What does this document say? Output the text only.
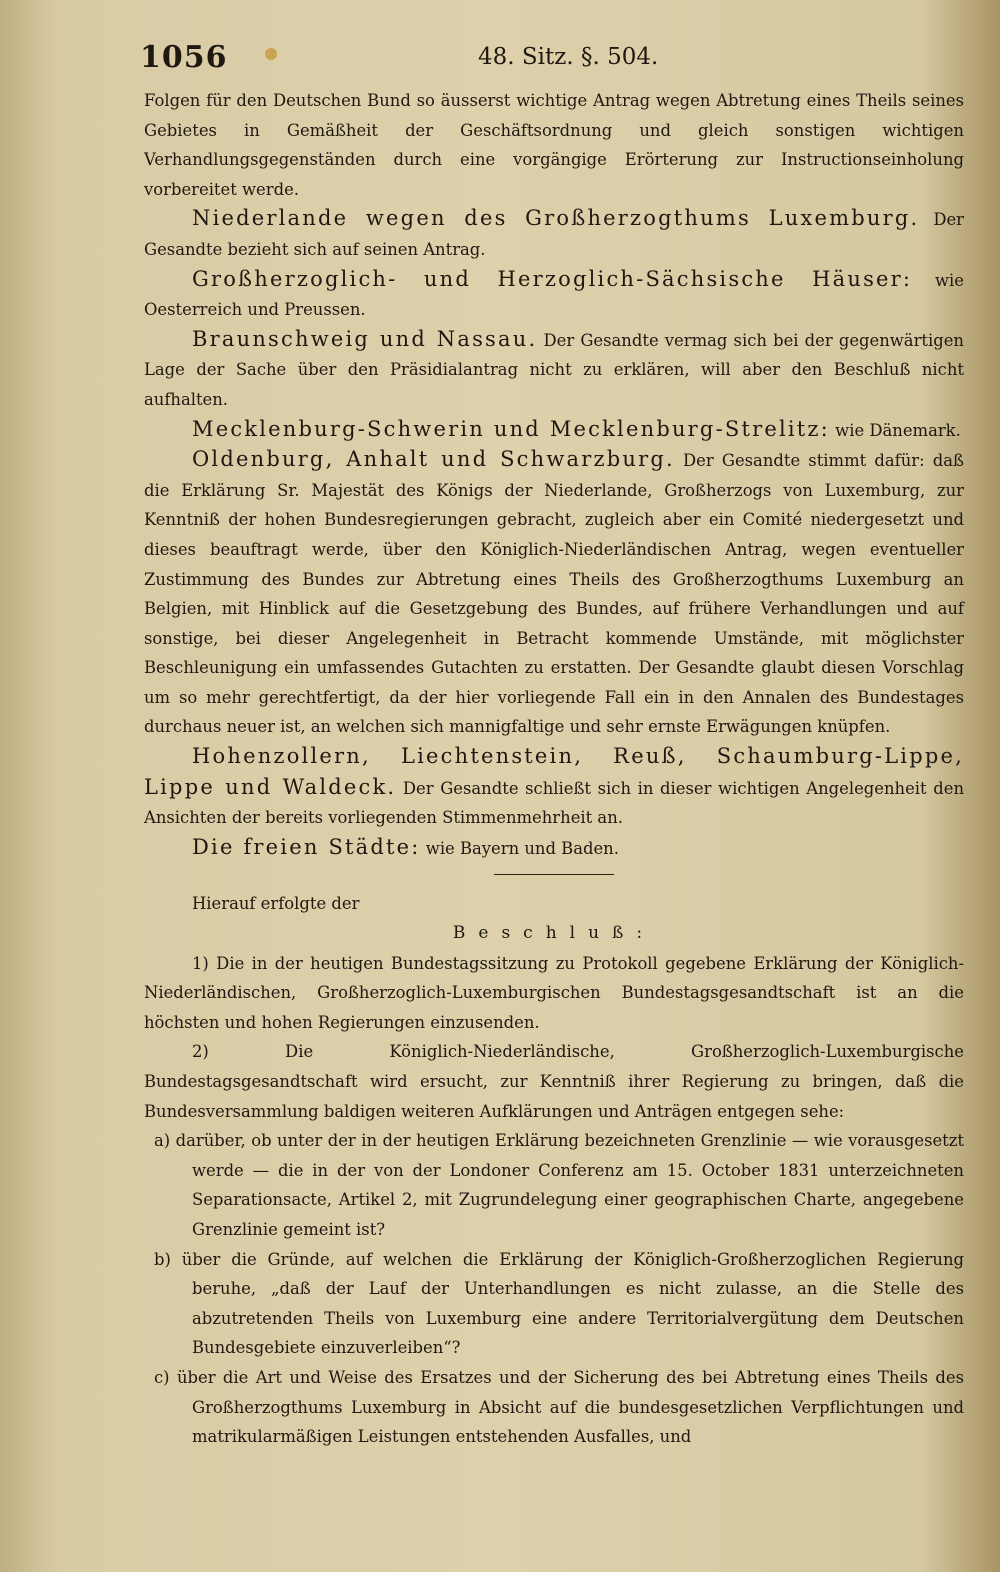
1056	48. Sitz. §. 504.

Folgen für den Deutschen Bund so äusserst wichtige Antrag wegen Abtretung eines Theils seines Gebietes in Gemäßheit der Geschäftsordnung und gleich sonstigen wichtigen Verhandlungsgegenständen durch eine vorgängige Erörterung zur Instructionseinholung vorbereitet werde.

Niederlande wegen des Großherzogthums Luxemburg. Der Gesandte bezieht sich auf seinen Antrag.

Großherzoglich- und Herzoglich-Sächsische Häuser: wie Oesterreich und Preussen.

Braunschweig und Nassau. Der Gesandte vermag sich bei der gegenwärtigen Lage der Sache über den Präsidialantrag nicht zu erklären, will aber den Beschluß nicht aufhalten.

Mecklenburg-Schwerin und Mecklenburg-Strelitz: wie Dänemark.

Oldenburg, Anhalt und Schwarzburg. Der Gesandte stimmt dafür: daß die Erklärung Sr. Majestät des Königs der Niederlande, Großherzogs von Luxemburg, zur Kenntniß der hohen Bundesregierungen gebracht, zugleich aber ein Comité niedergesetzt und dieses beauftragt werde, über den Königlich-Niederländischen Antrag, wegen eventueller Zustimmung des Bundes zur Abtretung eines Theils des Großherzogthums Luxemburg an Belgien, mit Hinblick auf die Gesetzgebung des Bundes, auf frühere Verhandlungen und auf sonstige, bei dieser Angelegenheit in Betracht kommende Umstände, mit möglichster Beschleunigung ein umfassendes Gutachten zu erstatten. Der Gesandte glaubt diesen Vorschlag um so mehr gerechtfertigt, da der hier vorliegende Fall ein in den Annalen des Bundestages durchaus neuer ist, an welchen sich mannigfaltige und sehr ernste Erwägungen knüpfen.

Hohenzollern, Liechtenstein, Reuß, Schaumburg-Lippe, Lippe und Waldeck. Der Gesandte schließt sich in dieser wichtigen Angelegenheit den Ansichten der bereits vorliegenden Stimmenmehrheit an.

Die freien Städte: wie Bayern und Baden.

Hierauf erfolgte der

Beschluß:

1) Die in der heutigen Bundestagssitzung zu Protokoll gegebene Erklärung der Königlich-Niederländischen, Großherzoglich-Luxemburgischen Bundestagsgesandtschaft ist an die höchsten und hohen Regierungen einzusenden.

2) Die Königlich-Niederländische, Großherzoglich-Luxemburgische Bundestagsgesandtschaft wird ersucht, zur Kenntniß ihrer Regierung zu bringen, daß die Bundesversammlung baldigen weiteren Aufklärungen und Anträgen entgegen sehe:

a) darüber, ob unter der in der heutigen Erklärung bezeichneten Grenzlinie — wie vorausgesetzt werde — die in der von der Londoner Conferenz am 15. October 1831 unterzeichneten Separationsacte, Artikel 2, mit Zugrundelegung einer geographischen Charte, angegebene Grenzlinie gemeint ist?

b) über die Gründe, auf welchen die Erklärung der Königlich-Großherzoglichen Regierung beruhe, „daß der Lauf der Unterhandlungen es nicht zulasse, an die Stelle des abzutretenden Theils von Luxemburg eine andere Territorialvergütung dem Deutschen Bundesgebiete einzuverleiben“?

c) über die Art und Weise des Ersatzes und der Sicherung des bei Abtretung eines Theils des Großherzogthums Luxemburg in Absicht auf die bundesgesetzlichen Verpflichtungen und matrikularmäßigen Leistungen entstehenden Ausfalles, und
